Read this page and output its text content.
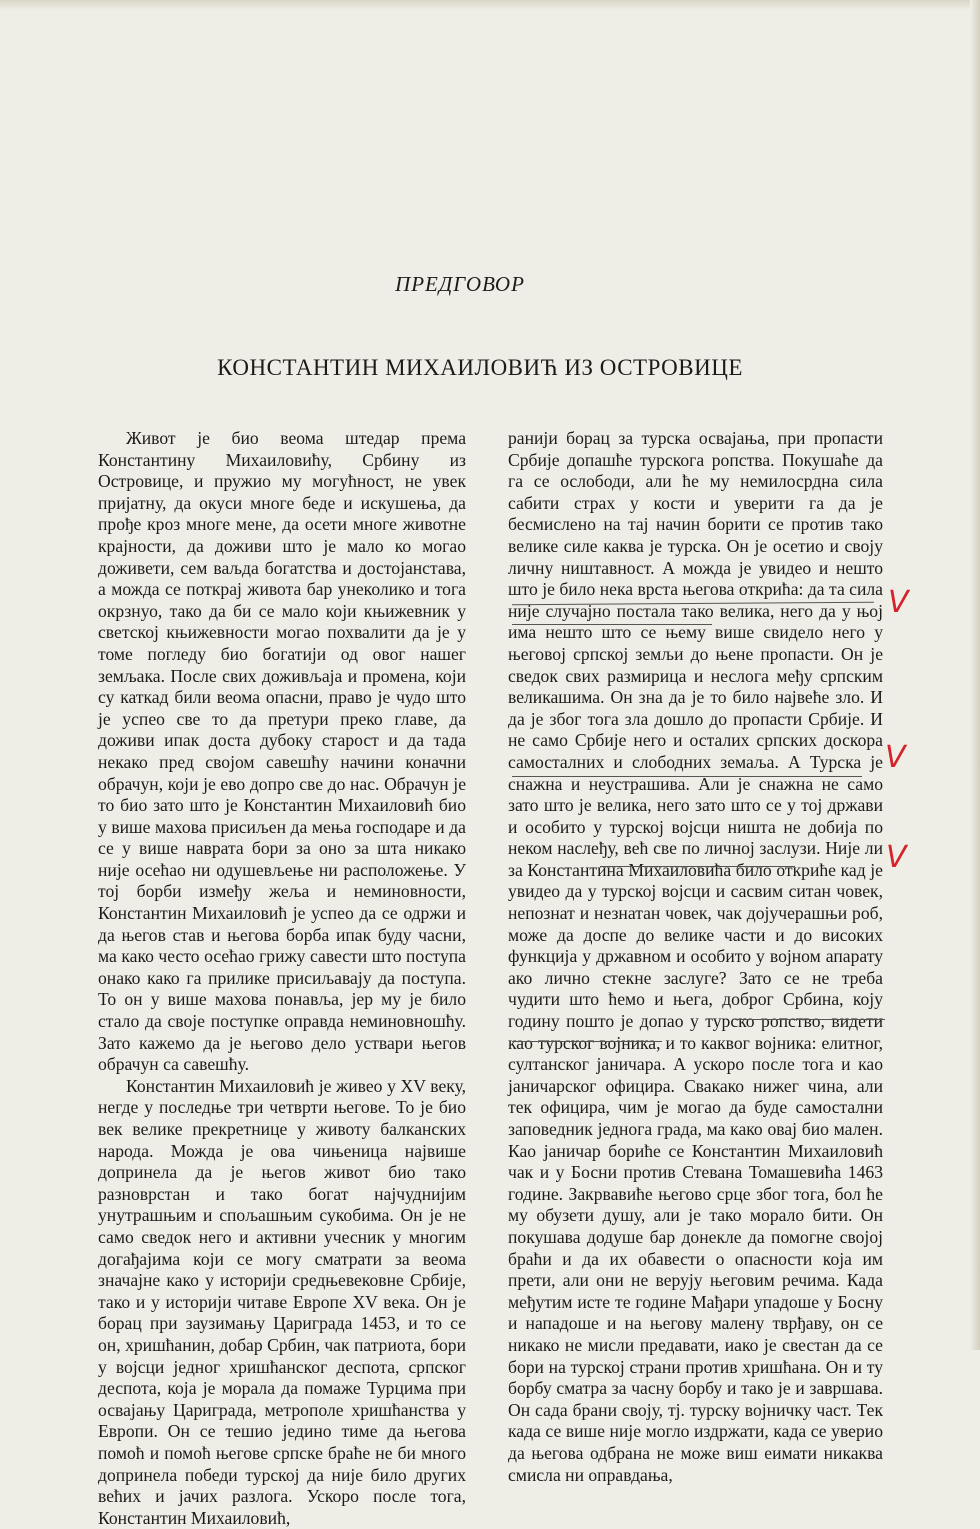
ПРЕДГОВОР
КОНСТАНТИН МИХАИЛОВИЋ ИЗ ОСТРОВИЦЕ

Живот је био веома штедар према Константину Михаиловићу, Србину из Островице, и пружио му могућност, не увек пријатну, да окуси многе беде и искушења, да прође кроз многе мене, да осети многе животне крајности, да доживи што је мало ко могао доживети, сем ваљда богатства и достојанстава, а можда се поткрај живота бар унеколико и тога окрзнуо, тако да би се мало који књижевник у светској књижевности могао похвалити да је у томе погледу био богатији од овог нашег земљака. После свих доживљаја и промена, који су каткад били веома опасни, право је чудо што је успео све то да претури преко главе, да доживи ипак доста дубоку старост и да тада некако пред својом савешћу начини коначни обрачун, који је ево допро све до нас. Обрачун је то био зато што је Константин Михаиловић био у више махова присиљен да мења господаре и да се у више наврата бори за оно за шта никако није осећао ни одушевљење ни расположење. У тој борби између жеља и неминовности, Константин Михаиловић је успео да се одржи и да његов став и његова борба ипак буду часни, ма како често осећао грижу савести што поступа онако како га прилике присиљавају да поступа. То он у више махова понавља, јер му је било стало да своје поступке оправда неминовношћу. Зато кажемо да је његово дело уствари његов обрачун са савешћу.

Константин Михаиловић је живео у XV веку, негде у последње три четврти његове. То је био век велике прекретнице у животу балканских народа. Можда је ова чињеница највише допринела да је његов живот био тако разноврстан и тако богат најчуднијим унутрашњим и спољашњим сукобима. Он је не само сведок него и активни учесник у многим догађајима који се могу сматрати за веома значајне како у историји средњевековне Србије, тако и у историји читаве Европе XV века. Он је борац при заузимању Цариграда 1453, и то се он, хришћанин, добар Србин, чак патриота, бори у војсци једног хришћанског деспота, српског деспота, која је морала да помаже Турцима при освајању Цариграда, метрополе хришћанства у Европи. Он се тешио једино тиме да његова помоћ и помоћ његове српске браће не би много допринела победи турској да није било других већих и јачих разлога. Ускоро после тога, Константин Михаиловић,

ранији борац за турска освајања, при пропасти Србије допашће турскога ропства. Покушаће да га се ослободи, али ће му немилосрдна сила сабити страх у кости и уверити га да је бесмислено на тај начин борити се против тако велике силе каква је турска. Он је осетио и своју личну ништавност. А можда је увидео и нешто што је било нека врста његова открића: да та сила није случајно постала тако велика, него да у њој има нешто што се њему више свидело него у његовој српској земљи до њене пропасти. Он је сведок свих размирица и неслога међу српским великашима. Он зна да је то било највеће зло. И да је због тога зла дошло до пропасти Србије. И не само Србије него и осталих српских доскора самосталних и слободних земаља. А Турска је снажна и неустрашива. Али је снажна не само зато што је велика, него зато што се у тој држави и особито у турској војсци ништа не добија по неком наслеђу, већ све по личној заслузи. Није ли за Константина Михаиловића било откриће кад је увидео да у турској војсци и сасвим ситан човек, непознат и незнатан човек, чак дојучерашњи роб, може да доспе до велике части и до високих функција у државном и особито у војном апарату ако лично стекне заслуге? Зато се не треба чудити што ћемо и њега, доброг Србина, коју годину пошто је допао у турско ропство, видети као турског војника, и то каквог војника: елитног, султанског јаничара. А ускоро после тога и као јаничарског официра. Свакако нижег чина, али тек официра, чим је могао да буде самостални заповедник једнога града, ма како овај био мален. Као јаничар бориће се Константин Михаиловић чак и у Босни против Стевана Томашевића 1463 године. Закрвавиће његово срце због тога, бол ће му обузети душу, али је тако морало бити. Он покушава додуше бар донекле да помогне својој браћи и да их обавести о опасности која им прети, али они не верују његовим речима. Када међутим исте те године Мађари упадоше у Босну и нападоше и на његову малену тврђаву, он се никако не мисли предавати, иако је свестан да се бори на турској страни против хришћана. Он и ту борбу сматра за часну борбу и тако је и завршава. Он сада брани своју, тј. турску војничку част. Тек када се више није могло издржати, када се уверио да његова одбрана не може виш еимати никаква смисла ни оправдања,

V
V
V
